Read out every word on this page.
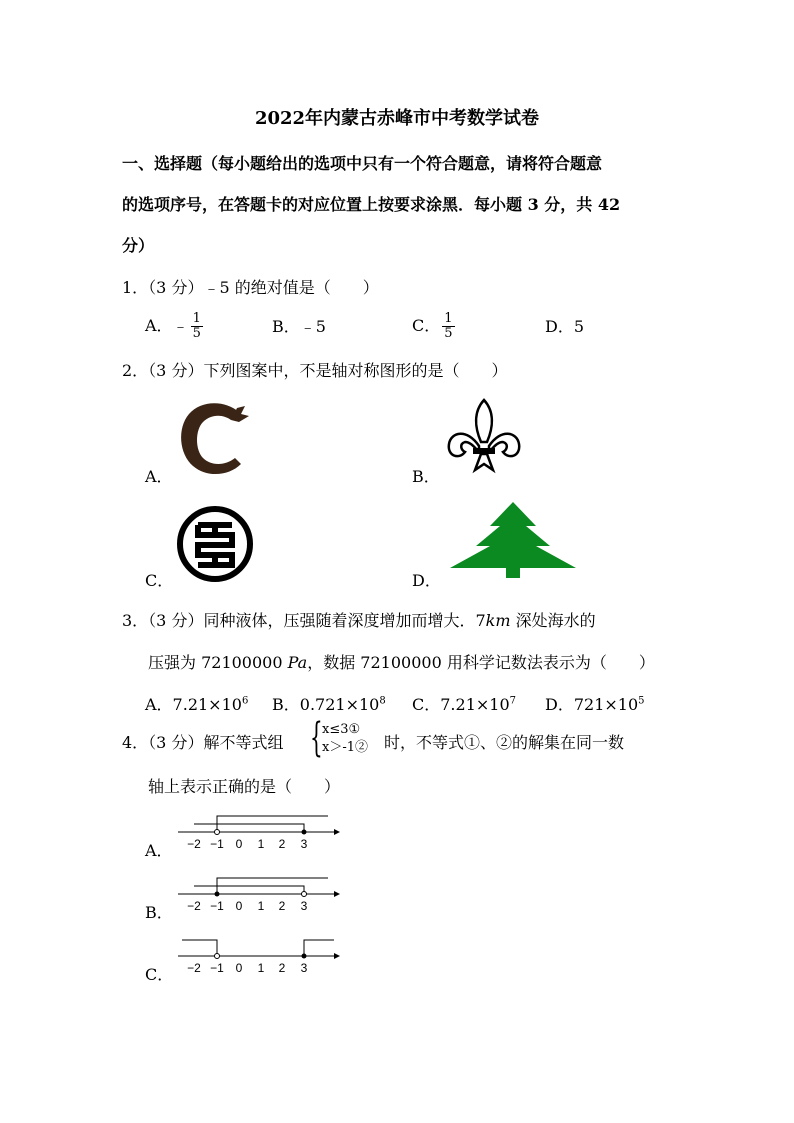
2022年内蒙古赤峰市中考数学试卷
一、选择题（每小题给出的选项中只有一个符合题意，请将符合题意
的选项序号，在答题卡的对应位置上按要求涂黑．每小题 3 分，共 42
分）
1．（3 分）﹣5 的绝对值是（　　）
A．﹣ $\frac{1}{5}$	B．﹣5	C． $\frac{1}{5}$	D．5
2．（3 分）下列图案中，不是轴对称图形的是（　　）
A．	B．
C．	D．
3．（3 分）同种液体，压强随着深度增加而增大．7km 深处海水的
压强为 72100000 Pa，数据 72100000 用科学记数法表示为（　　）
A．$7.21\times 10^6$ B．$0.721\times 10^8$ C．$7.21\times 10^7$ D．$721\times 10^5$
4．（3 分）解不等式组 { x≤3①
x＞-1② 时，不等式①、②的解集在同一数
轴上表示正确的是（　　）
A． −2 −1 0 1 2 3
B． −2 −1 0 1 2 3
C． −2 −1 0 1 2 3
